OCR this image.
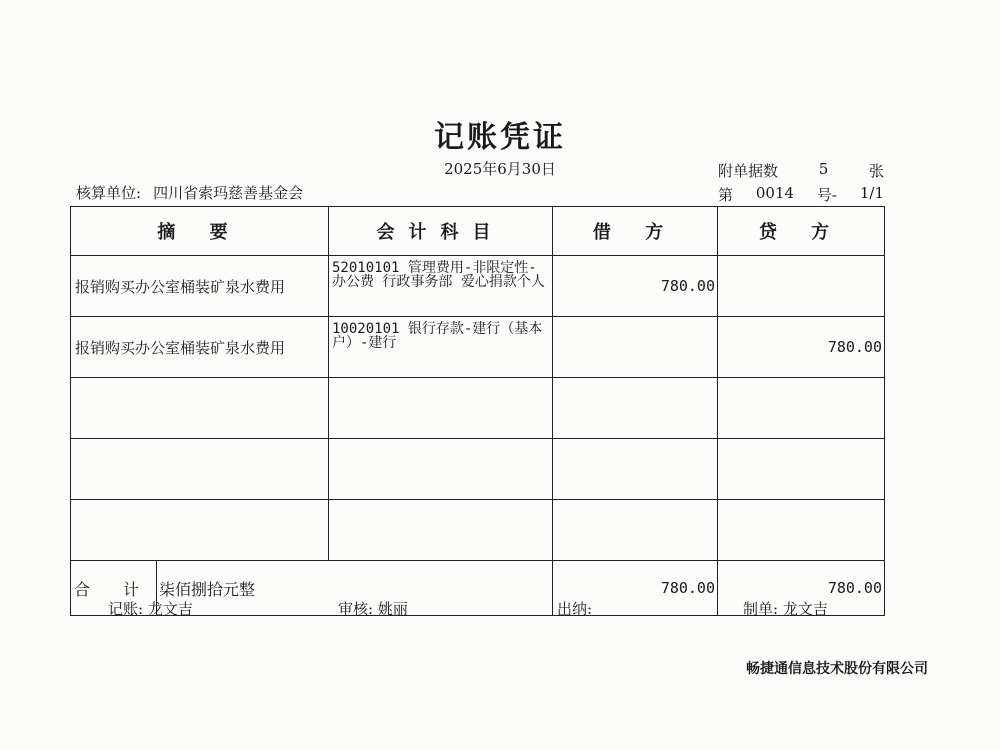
记账凭证
2025年6月30日
核算单位: 四川省索玛慈善基金会
附单据数	5	张
第 0014 号- 1/1
摘 要		会计科目	借 方	贷 方
报销购买办公室桶装矿泉水费用		52010101 管理费用-非限定性-办公费 行政事务部 爱心捐款个人	780.00	
报销购买办公室桶装矿泉水费用		10020101 银行存款-建行（基本户）-建行		780.00

合 计	柒佰捌拾元整		780.00	780.00
记账: 龙文吉	审核: 姚丽	出纳:	制单: 龙文吉
畅捷通信息技术股份有限公司
